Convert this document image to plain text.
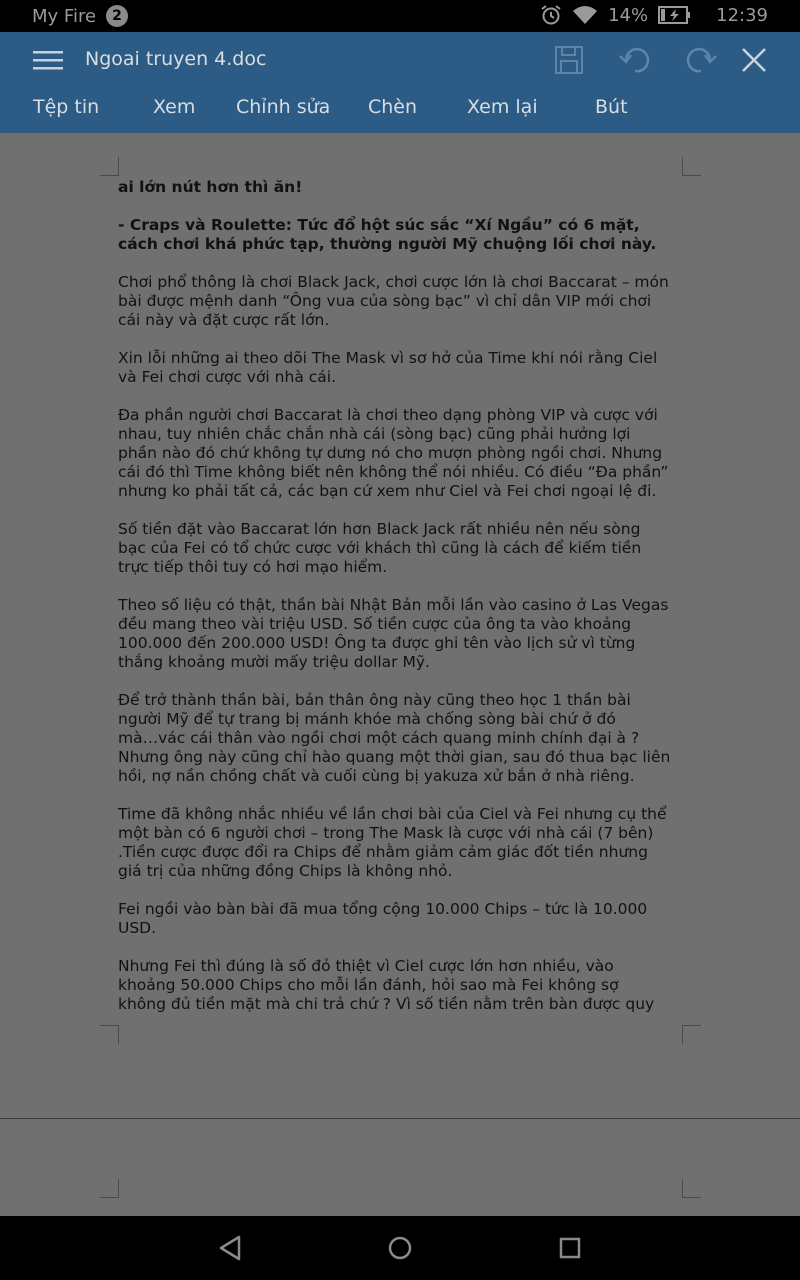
My Fire	2	14%	12:39
Ngoai truyen 4.doc
Tệp tin	Xem Chỉnh sửa Chèn	Xem lại	Bút

ai lớn nút hơn thì ăn!

- Craps và Roulette: Tức đổ hột súc sắc “Xí Ngầu” có 6 mặt,
cách chơi khá phức tạp, thường người Mỹ chuộng lối chơi này.

Chơi phổ thông là chơi Black Jack, chơi cược lớn là chơi Baccarat – món
bài được mệnh danh “Ông vua của sòng bạc” vì chỉ dân VIP mới chơi
cái này và đặt cược rất lớn.

Xin lỗi những ai theo dõi The Mask vì sơ hở của Time khi nói rằng Ciel
và Fei chơi cược với nhà cái.

Đa phần người chơi Baccarat là chơi theo dạng phòng VIP và cược với
nhau, tuy nhiên chắc chắn nhà cái (sòng bạc) cũng phải hưởng lợi
phần nào đó chứ không tự dưng nó cho mượn phòng ngồi chơi. Nhưng
cái đó thì Time không biết nên không thể nói nhiều. Có điều “Đa phần”
nhưng ko phải tất cả, các bạn cứ xem như Ciel và Fei chơi ngoại lệ đi.

Số tiền đặt vào Baccarat lớn hơn Black Jack rất nhiều nên nếu sòng
bạc của Fei có tổ chức cược với khách thì cũng là cách để kiếm tiền
trực tiếp thôi tuy có hơi mạo hiểm.

Theo số liệu có thật, thần bài Nhật Bản mỗi lần vào casino ở Las Vegas
đều mang theo vài triệu USD. Số tiền cược của ông ta vào khoảng
100.000 đến 200.000 USD! Ông ta được ghi tên vào lịch sử vì từng
thắng khoảng mười mấy triệu dollar Mỹ.

Để trở thành thần bài, bản thân ông này cũng theo học 1 thần bài
người Mỹ để tự trang bị mánh khóe mà chống sòng bài chứ ở đó
mà…vác cái thân vào ngồi chơi một cách quang minh chính đại à ?
Nhưng ông này cũng chỉ hào quang một thời gian, sau đó thua bạc liên
hồi, nợ nần chồng chất và cuối cùng bị yakuza xử bắn ở nhà riêng.

Time đã không nhắc nhiều về lần chơi bài của Ciel và Fei nhưng cụ thể
một bàn có 6 người chơi – trong The Mask là cược với nhà cái (7 bên)
.Tiền cược được đổi ra Chips để nhằm giảm cảm giác đốt tiền nhưng
giá trị của những đồng Chips là không nhỏ.

Fei ngồi vào bàn bài đã mua tổng cộng 10.000 Chips – tức là 10.000
USD.

Nhưng Fei thì đúng là số đỏ thiệt vì Ciel cược lớn hơn nhiều, vào
khoảng 50.000 Chips cho mỗi lần đánh, hỏi sao mà Fei không sợ
không đủ tiền mặt mà chi trả chứ ? Vì số tiền nằm trên bàn được quy
